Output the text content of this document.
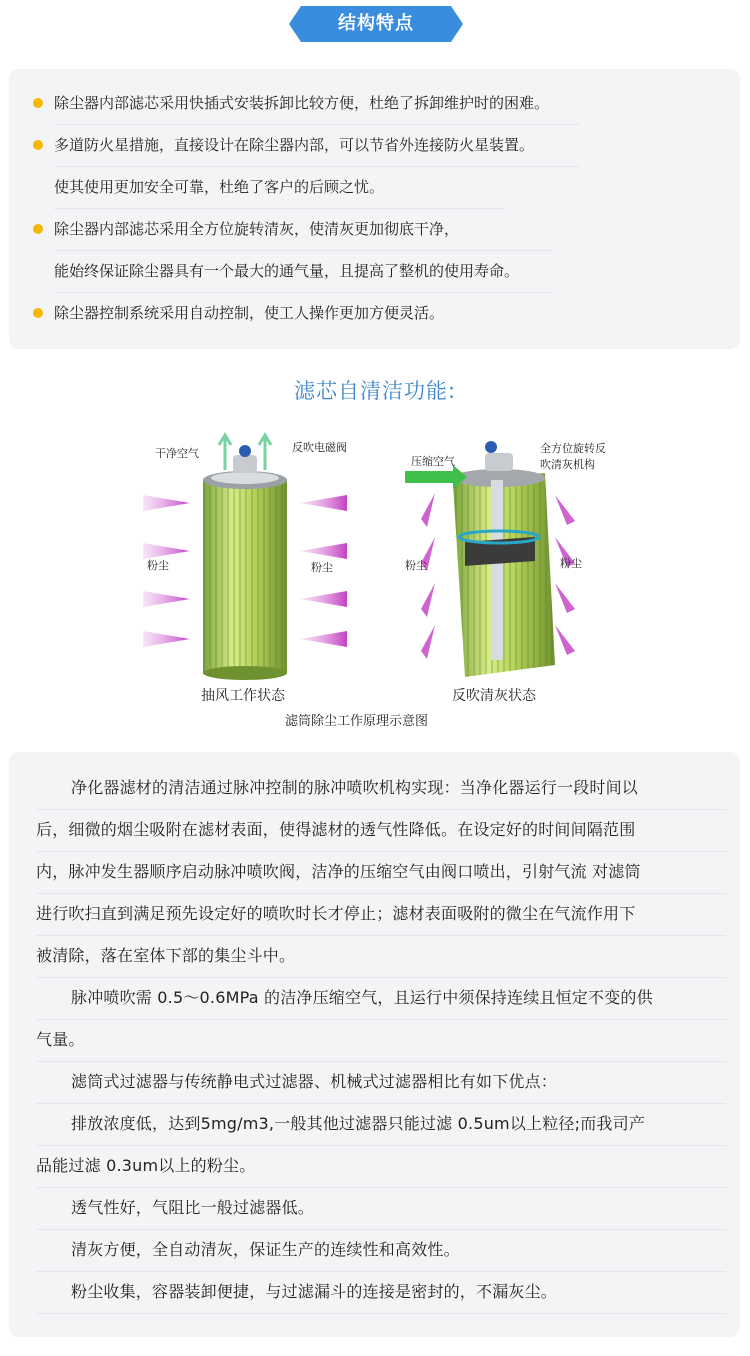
结构特点
除尘器内部滤芯采用快插式安装拆卸比较方便，杜绝了拆卸维护时的困难。
多道防火星措施，直接设计在除尘器内部，可以节省外连接防火星装置。
使其使用更加安全可靠，杜绝了客户的后顾之忧。
除尘器内部滤芯采用全方位旋转清灰，使清灰更加彻底干净，
能始终保证除尘器具有一个最大的通气量，且提高了整机的使用寿命。
除尘器控制系统采用自动控制，使工人操作更加方便灵活。
滤芯自清洁功能:
干净空气	反吹电磁阀
粉尘	粉尘
抽风工作状态
压缩空气
全方位旋转反
吹清灰机构
粉尘	粉尘
反吹清灰状态
滤筒除尘工作原理示意图
净化器滤材的清洁通过脉冲控制的脉冲喷吹机构实现：当净化器运行一段时间以
后，细微的烟尘吸附在滤材表面，使得滤材的透气性降低。在设定好的时间间隔范围
内，脉冲发生器顺序启动脉冲喷吹阀，洁净的压缩空气由阀口喷出，引射气流 对滤筒
进行吹扫直到满足预先设定好的喷吹时长才停止；滤材表面吸附的微尘在气流作用下
被清除，落在室体下部的集尘斗中。
脉冲喷吹需 0.5～0.6MPa 的洁净压缩空气，且运行中须保持连续且恒定不变的供
气量。
滤筒式过滤器与传统静电式过滤器、机械式过滤器相比有如下优点：
排放浓度低，达到5mg/m3,一般其他过滤器只能过滤 0.5um以上粒径;而我司产
品能过滤 0.3um以上的粉尘。
透气性好，气阻比一般过滤器低。
清灰方便，全自动清灰，保证生产的连续性和高效性。
粉尘收集，容器装卸便捷，与过滤漏斗的连接是密封的，不漏灰尘。
